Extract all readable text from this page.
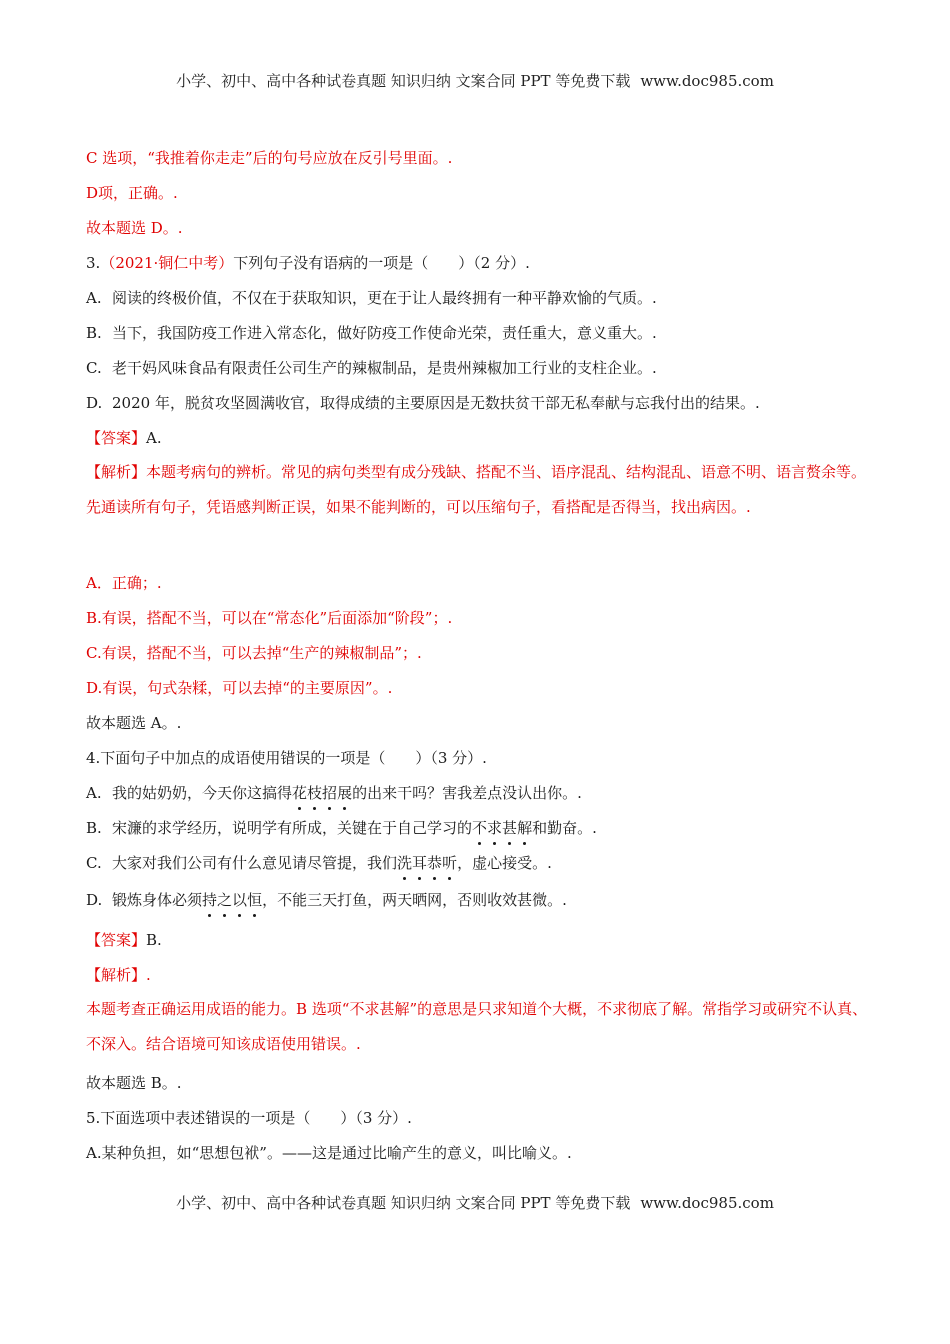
小学、初中、高中各种试卷真题 知识归纳 文案合同 PPT 等免费下载 www.doc985.com
C 选项，“我推着你走走”后的句号应放在反引号里面。.
D项，正确。.
故本题选 D。.
3.（2021·铜仁中考）下列句子没有语病的一项是（　　）（2 分）.
A. 阅读的终极价值，不仅在于获取知识，更在于让人最终拥有一种平静欢愉的气质。.
B. 当下，我国防疫工作进入常态化，做好防疫工作使命光荣，责任重大，意义重大。.
C. 老干妈风味食品有限责任公司生产的辣椒制品，是贵州辣椒加工行业的支柱企业。.
D. 2020 年，脱贫攻坚圆满收官，取得成绩的主要原因是无数扶贫干部无私奉献与忘我付出的结果。.
【答案】A.
【解析】本题考病句的辨析。常见的病句类型有成分残缺、搭配不当、语序混乱、结构混乱、语意不明、语言赘余等。先通读所有句子，凭语感判断正误，如果不能判断的，可以压缩句子，看搭配是否得当，找出病因。.
A．正确；.
B.有误，搭配不当，可以在“常态化”后面添加“阶段”；.
C.有误，搭配不当，可以去掉“生产的辣椒制品”；.
D.有误，句式杂糅，可以去掉“的主要原因”。.
故本题选 A。.
4.下面句子中加点的成语使用错误的一项是（　　）（3 分）.
A. 我的姑奶奶，今天你这搞得花枝招展的出来干吗？害我差点没认出你。.
B. 宋濂的求学经历，说明学有所成，关键在于自己学习的不求甚解和勤奋。.
C. 大家对我们公司有什么意见请尽管提，我们洗耳恭听，虚心接受。.
D. 锻炼身体必须持之以恒，不能三天打鱼，两天晒网，否则收效甚微。.
【答案】B.
【解析】.
本题考查正确运用成语的能力。B 选项“不求甚解”的意思是只求知道个大概，不求彻底了解。常指学习或研究不认真、不深入。结合语境可知该成语使用错误。.
故本题选 B。.
5.下面选项中表述错误的一项是（　　）（3 分）.
A.某种负担，如“思想包袱”。——这是通过比喻产生的意义，叫比喻义。.
小学、初中、高中各种试卷真题 知识归纳 文案合同 PPT 等免费下载 www.doc985.com
